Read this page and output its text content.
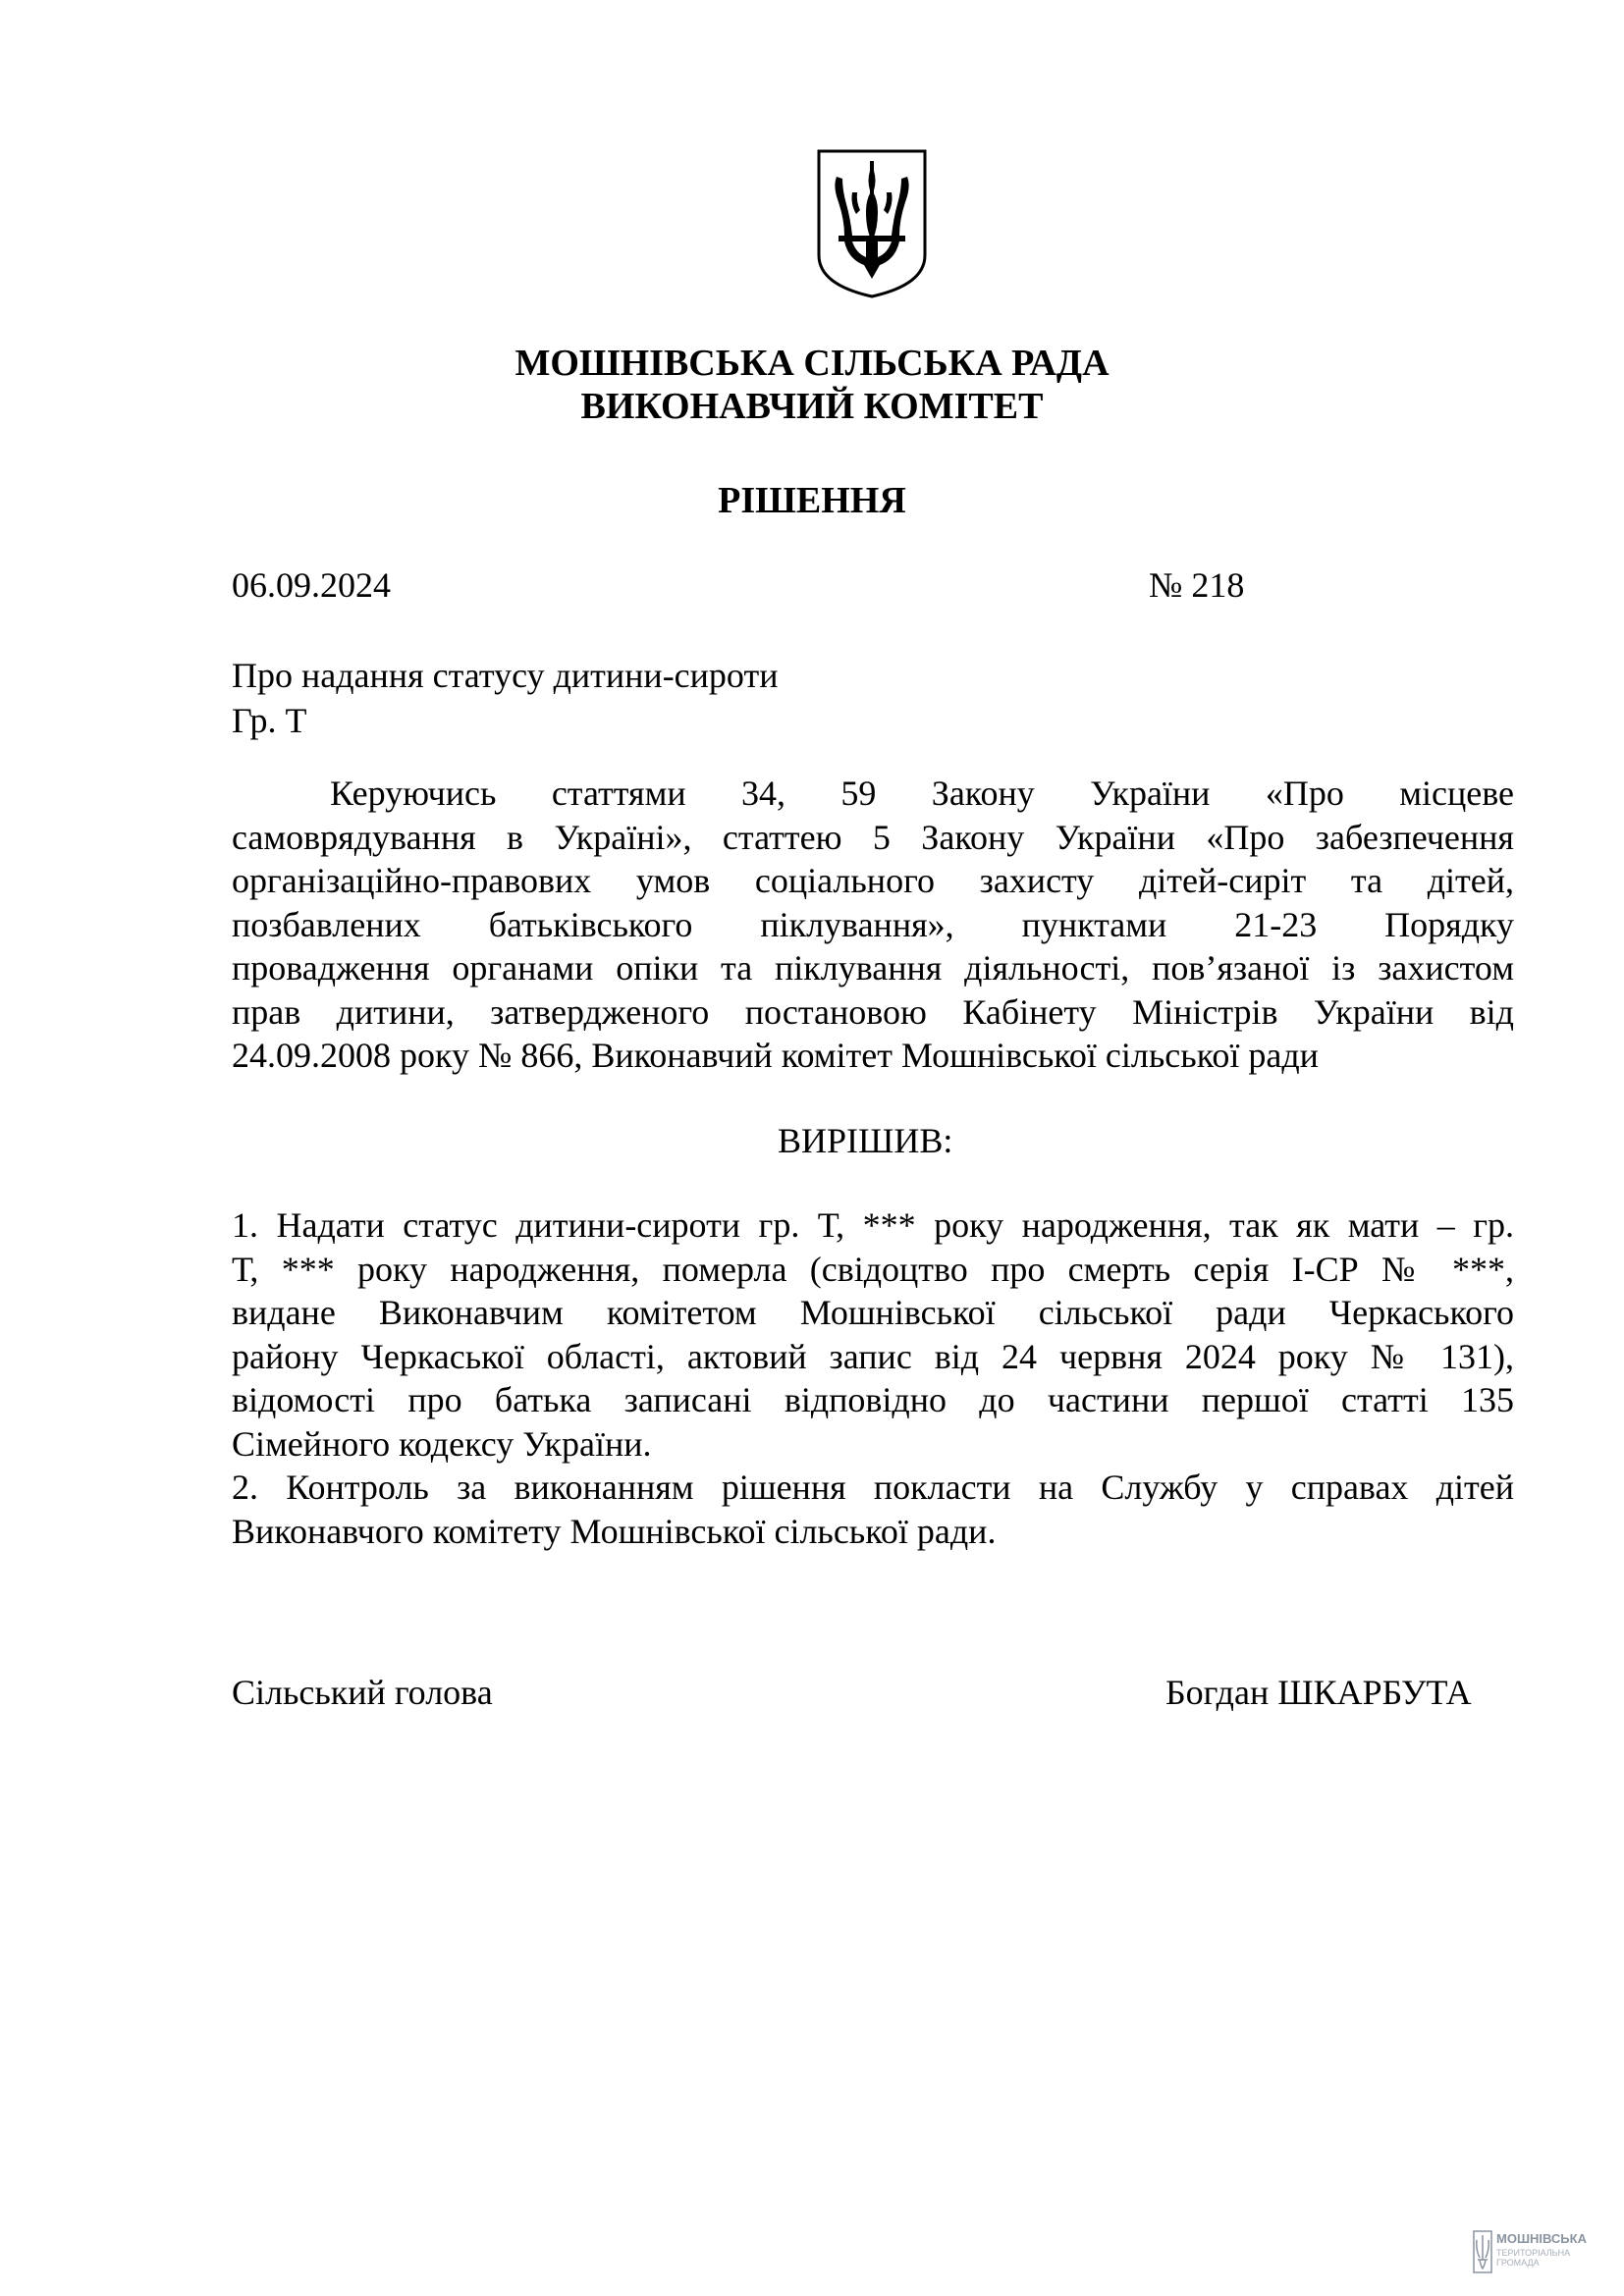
МОШНІВСЬКА СІЛЬСЬКА РАДА
ВИКОНАВЧИЙ КОМІТЕТ
РІШЕННЯ
06.09.2024	№ 218
Про надання статусу дитини-сироти
Гр. Т
Керуючись статтями 34, 59 Закону України «Про місцеве
самоврядування в Україні», статтею 5 Закону України «Про забезпечення
організаційно-правових умов соціального захисту дітей-сиріт та дітей,
позбавлених батьківського піклування», пунктами 21-23 Порядку
провадження органами опіки та піклування діяльності, пов’язаної із захистом
прав дитини, затвердженого постановою Кабінету Міністрів України від
24.09.2008 року № 866, Виконавчий комітет Мошнівської сільської ради
ВИРІШИВ:
1. Надати статус дитини-сироти гр. Т, *** року народження, так як мати – гр.
Т, *** року народження, померла (свідоцтво про смерть серія І-СР № ***,
видане Виконавчим комітетом Мошнівської сільської ради Черкаського
району Черкаської області, актовий запис від 24 червня 2024 року № 131),
відомості про батька записані відповідно до частини першої статті 135
Сімейного кодексу України.
2. Контроль за виконанням рішення покласти на Службу у справах дітей
Виконавчого комітету Мошнівської сільської ради.
Сільський голова	Богдан ШКАРБУТА
МОШНІВСЬКА
ТЕРИТОРІАЛЬНА
ГРОМАДА
